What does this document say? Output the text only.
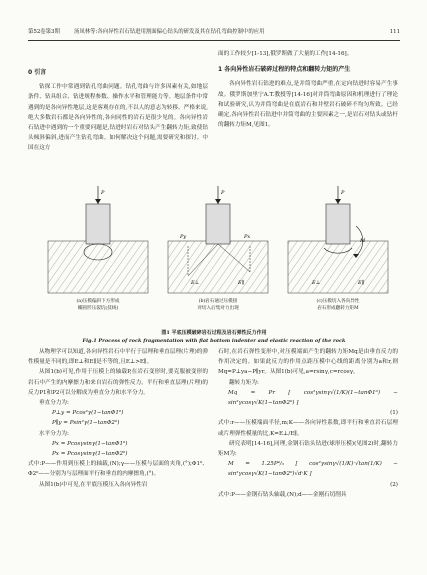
第52卷第3期	汤凤林等:各向异性岩石钻进用割面偏心钻头的研发及其在钻孔弯曲控制中的应用	111
0 引言

钻探工作中常遇到钻孔弯曲问题。钻孔弯曲与许多因素有关,如地层条件、钻具组合、钻进规程参数、操作水平和管理能力等。地层条件中常遇到的是各向异性地层,这是客观存在的,不以人的意志为转移。严格来说,绝大多数岩石都是各向异性的,各向同性的岩石是很少见的。各向异性岩石钻进中遇到的一个重要问题是,钻进时岩石对钻头产生翻转力矩,致使钻头倾斜偏斜,进而产生钻孔弯曲。如何解决这个问题,需要研究和探讨。中国在这方

面的工作较少[1-13],俄罗斯做了大量的工作[14-16]。

1 各向异性岩石破碎过程的特点和翻转力矩的产生

各向异性岩石钻进的难点,是并筒弯曲严重,在定向钻进时容易产生事故。俄罗斯加里宁A.T.教授等[14-16]对并筒弯曲原因和机理进行了理论和试验研究,认为并筒弯曲是在底岩石和井壁岩石破碎不均匀所致。已经确定,各向异性岩石钻进中并筒弯曲的主要因素之一,是岩石对钻头或钻杆的翻转力矩M,见图1。

P	P
Py	Px
E⊥	E∥
P
M
E⊥	E∥
(a)压模偏斜下方形成
椭圆形压裂坑(技线)
(b)岩石通过压模接
对切入后集对力出现
(c)压模切入各向异性
岩石形成翻转力矩M
图1 平底压模破碎岩石过程及岩石弹性反力作用
Fig.1 Process of rock fragmentation with flat bottom indenter and elastic reaction of the rock

从物理学可以知道,各向异性岩石中平行于层理和垂直层理(片理)的弹性模量是不同的,即E⊥和E∥是不等的,且E⊥>E∥。

从图1(b)可见,作用于压模上的轴载P,在岩石变形时,要克服被变形的岩石中产生的内摩擦力和来自岩石的弹性反力。平行和垂直层理(片理)的反力P1和P2可以分解成为垂直分力和水平分力。

垂直分力为:

P⊥y = Pcos²γ(1−tanΦ1⁰)
P∥y = Psin²γ(1−tanΦ2⁰)

水平分力为:

Px = Pcosγsinγ(1−tanΦ1⁰)
Px = Pcosγsinγ(1−tanΦ2⁰)

式中:P——作用到压模上的轴载,(N);γ——压模与层面的夹角,(°);Φ1⁰、Φ2⁰——分别为与层理面平行和垂直的内摩擦角,(°)。

从图1(b)中可见,在平底压模压入各向异性岩

石时,在岩石弹性变形中,对压模端面产生的翻转力矩Mq是由垂直反力的作用决定的。如果此反力的作用点距压模中心线的距离分别为a和r,则Mq=P⊥ya−P∥yr。从图1(b)可见,a=rsinγ,c=rcosγ。

翻转力矩为:

Mq = Pr [ cos²γsinγ√(1/K)(1−tanΦ1⁰) − sin²γcosγ√K(1−tanΦ2⁰) ]
(1)

式中:r——压模端面半径,m;K——各向异性系数,即平行和垂直岩石层理或片理弹性模量的比,K=E⊥/E∥。

研究表明[14-16],同理,金钢石钻头钻进(球形压模)(见图2)时,翻转力矩M为:

M = 1.25P⁴/₃ [ cos²γsinγ√(1/K)·√tan(1/K) − sin²γcosγ√K(1−tanΦ2⁰)√d·K ]
(2)

式中:P——金钢石钻头轴载,(N);d——金刚石切削具
